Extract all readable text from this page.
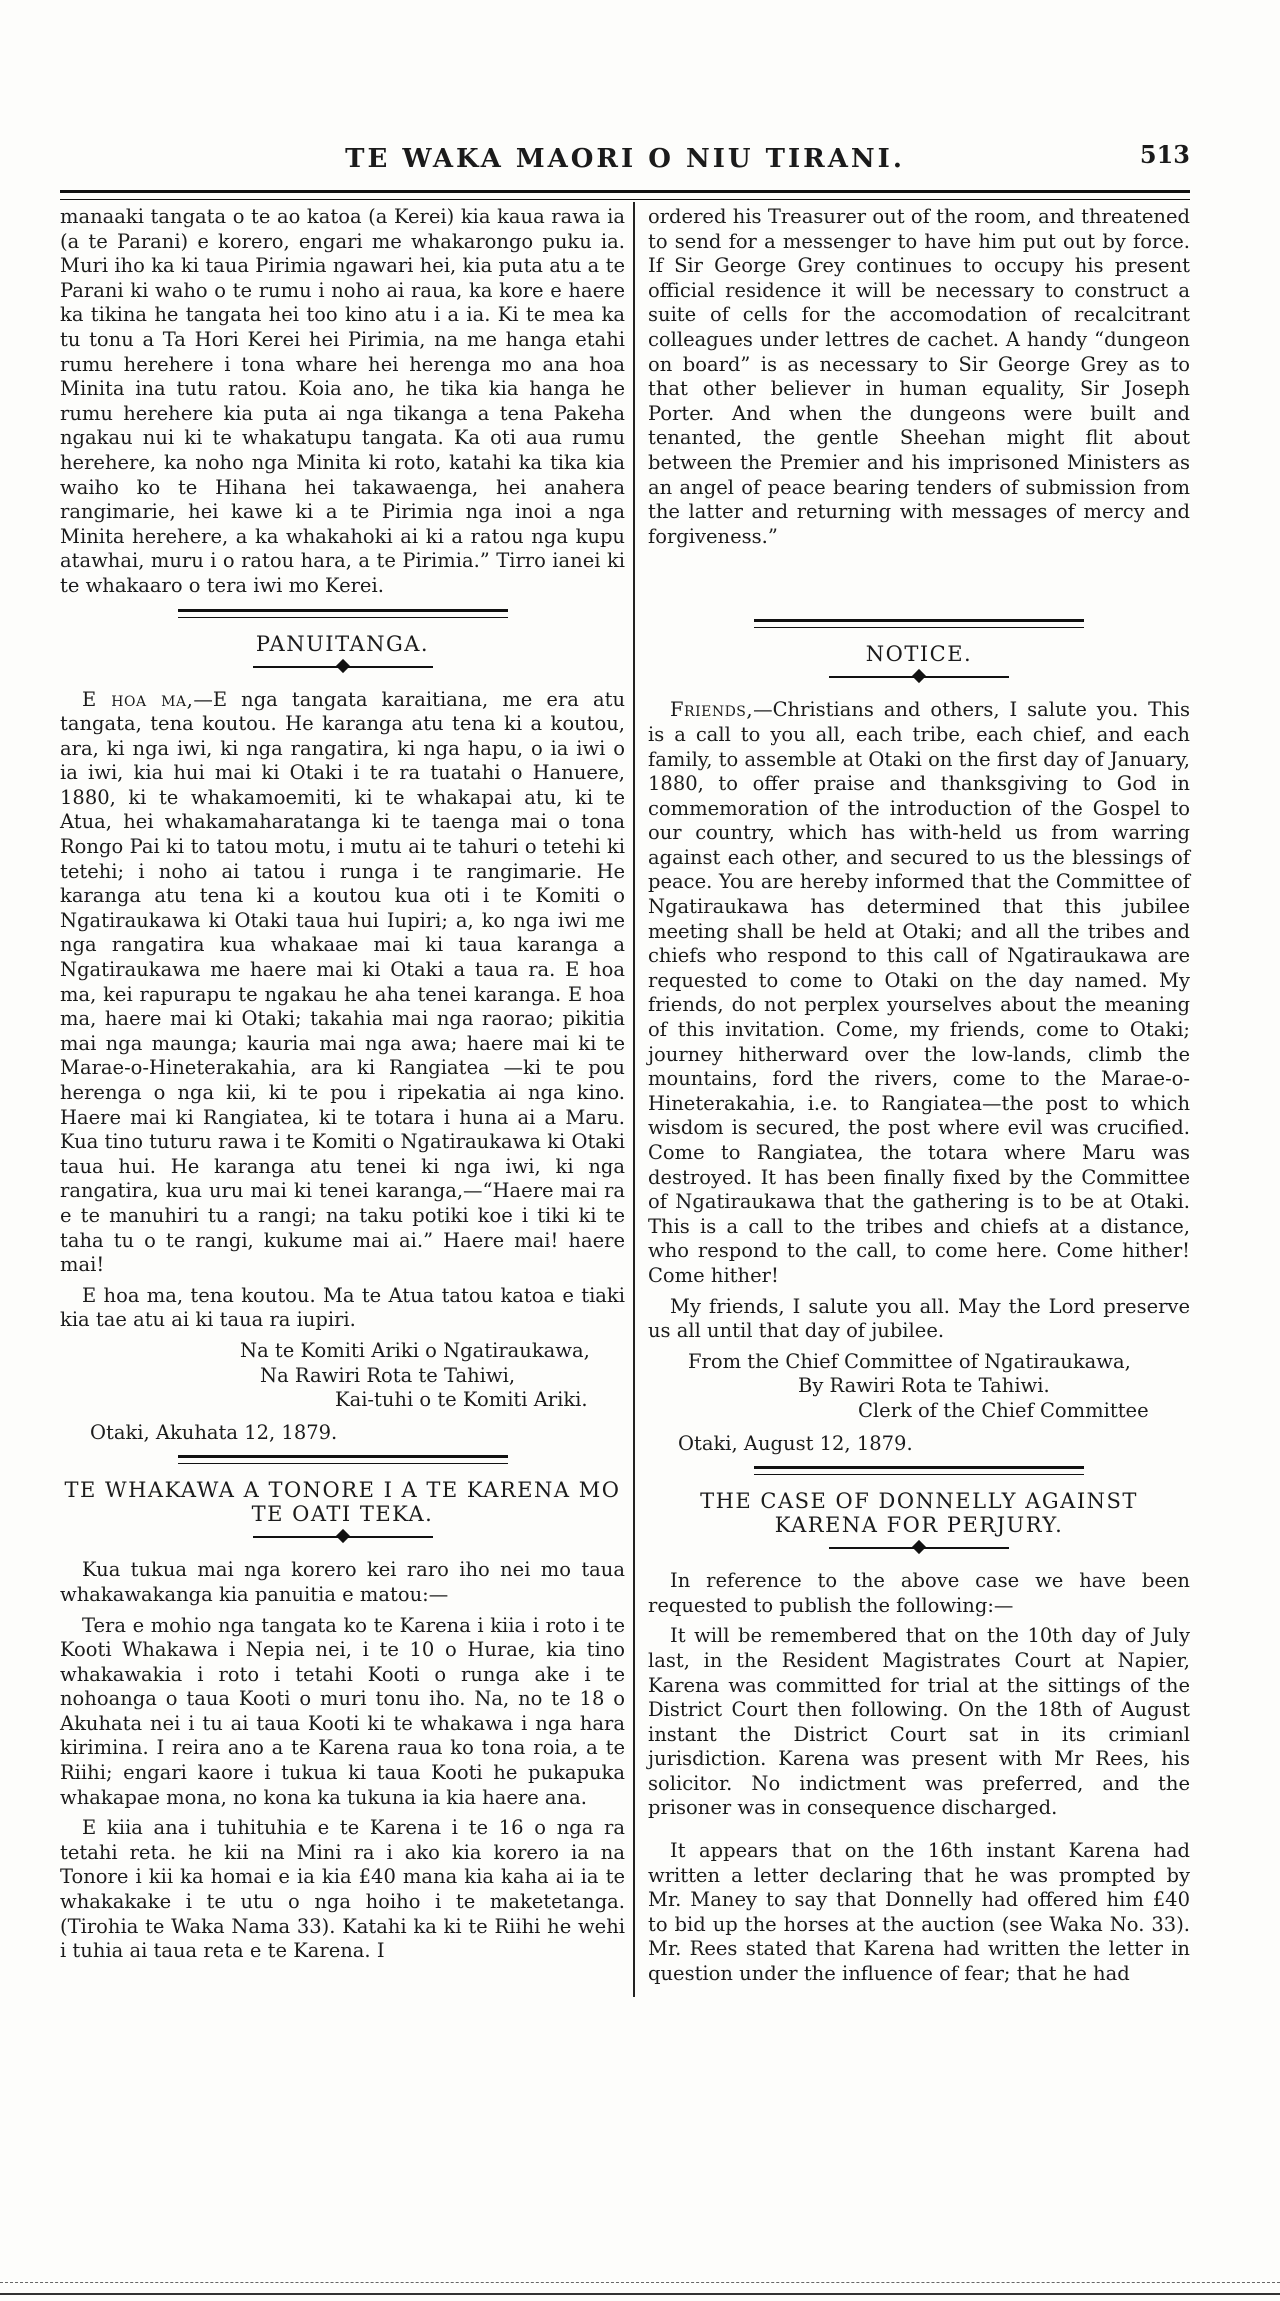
TE WAKA MAORI O NIU TIRANI.	513

manaaki tangata o te ao katoa (a Kerei) kia kaua rawa ia (a te Parani) e korero, engari me whakarongo puku ia. Muri iho ka ki taua Pirimia ngawari hei, kia puta atu a te Parani ki waho o te rumu i noho ai raua, ka kore e haere ka tikina he tangata hei too kino atu i a ia. Ki te mea ka tu tonu a Ta Hori Kerei hei Pirimia, na me hanga etahi rumu herehere i tona whare hei herenga mo ana hoa Minita ina tutu ratou. Koia ano, he tika kia hanga he rumu herehere kia puta ai nga tikanga a tena Pakeha ngakau nui ki te whakatupu tangata. Ka oti aua rumu herehere, ka noho nga Minita ki roto, katahi ka tika kia waiho ko te Hihana hei takawaenga, hei anahera rangimarie, hei kawe ki a te Pirimia nga inoi a nga Minita herehere, a ka whakahoki ai ki a ratou nga kupu atawhai, muru i o ratou hara, a te Pirimia.” Tirro ianei ki te whakaaro o tera iwi mo Kerei.

PANUITANGA.

E hoa ma,—E nga tangata karaitiana, me era atu tangata, tena koutou. He karanga atu tena ki a koutou, ara, ki nga iwi, ki nga rangatira, ki nga hapu, o ia iwi o ia iwi, kia hui mai ki Otaki i te ra tuatahi o Hanuere, 1880, ki te whakamoemiti, ki te whakapai atu, ki te Atua, hei whakamaharatanga ki te taenga mai o tona Rongo Pai ki to tatou motu, i mutu ai te tahuri o tetehi ki tetehi; i noho ai tatou i runga i te rangimarie. He karanga atu tena ki a koutou kua oti i te Komiti o Ngatiraukawa ki Otaki taua hui Iupiri; a, ko nga iwi me nga rangatira kua whakaae mai ki taua karanga a Ngatiraukawa me haere mai ki Otaki a taua ra. E hoa ma, kei rapurapu te ngakau he aha tenei karanga. E hoa ma, haere mai ki Otaki; takahia mai nga raorao; pikitia mai nga maunga; kauria mai nga awa; haere mai ki te Marae-o-Hineterakahia, ara ki Rangiatea —ki te pou herenga o nga kii, ki te pou i ripekatia ai nga kino. Haere mai ki Rangiatea, ki te totara i huna ai a Maru. Kua tino tuturu rawa i te Komiti o Ngatiraukawa ki Otaki taua hui. He karanga atu tenei ki nga iwi, ki nga rangatira, kua uru mai ki tenei karanga,—“Haere mai ra e te manuhiri tu a rangi; na taku potiki koe i tiki ki te taha tu o te rangi, kukume mai ai.” Haere mai! haere mai!

E hoa ma, tena koutou. Ma te Atua tatou katoa e tiaki kia tae atu ai ki taua ra iupiri.

Na te Komiti Ariki o Ngatiraukawa,
Na Rawiri Rota te Tahiwi,
Kai-tuhi o te Komiti Ariki.
Otaki, Akuhata 12, 1879.
TE WHAKAWA A TONORE I A TE KARENA MO TE OATI TEKA.

Kua tukua mai nga korero kei raro iho nei mo taua whakawakanga kia panuitia e matou:—

Tera e mohio nga tangata ko te Karena i kiia i roto i te Kooti Whakawa i Nepia nei, i te 10 o Hurae, kia tino whakawakia i roto i tetahi Kooti o runga ake i te nohoanga o taua Kooti o muri tonu iho. Na, no te 18 o Akuhata nei i tu ai taua Kooti ki te whakawa i nga hara kirimina. I reira ano a te Karena raua ko tona roia, a te Riihi; engari kaore i tukua ki taua Kooti he pukapuka whakapae mona, no kona ka tukuna ia kia haere ana.

E kiia ana i tuhituhia e te Karena i te 16 o nga ra tetahi reta. he kii na Mini ra i ako kia korero ia na Tonore i kii ka homai e ia kia £40 mana kia kaha ai ia te whakakake i te utu o nga hoiho i te maketetanga. (Tirohia te Waka Nama 33). Katahi ka ki te Riihi he wehi i tuhia ai taua reta e te Karena. I

ordered his Treasurer out of the room, and threatened to send for a messenger to have him put out by force. If Sir George Grey continues to occupy his present official residence it will be necessary to construct a suite of cells for the accomodation of recalcitrant colleagues under lettres de cachet. A handy “dungeon on board” is as necessary to Sir George Grey as to that other believer in human equality, Sir Joseph Porter. And when the dungeons were built and tenanted, the gentle Sheehan might flit about between the Premier and his imprisoned Ministers as an angel of peace bearing tenders of submission from the latter and returning with messages of mercy and forgiveness.”

NOTICE.

Friends,—Christians and others, I salute you. This is a call to you all, each tribe, each chief, and each family, to assemble at Otaki on the first day of January, 1880, to offer praise and thanksgiving to God in commemoration of the introduction of the Gospel to our country, which has with-held us from warring against each other, and secured to us the blessings of peace. You are hereby informed that the Committee of Ngatiraukawa has determined that this jubilee meeting shall be held at Otaki; and all the tribes and chiefs who respond to this call of Ngatiraukawa are requested to come to Otaki on the day named. My friends, do not perplex yourselves about the meaning of this invitation. Come, my friends, come to Otaki; journey hitherward over the low-lands, climb the mountains, ford the rivers, come to the Marae-o-Hineterakahia, i.e. to Rangiatea—the post to which wisdom is secured, the post where evil was crucified. Come to Rangiatea, the totara where Maru was destroyed. It has been finally fixed by the Committee of Ngatiraukawa that the gathering is to be at Otaki. This is a call to the tribes and chiefs at a distance, who respond to the call, to come here. Come hither! Come hither!

My friends, I salute you all. May the Lord preserve us all until that day of jubilee.

From the Chief Committee of Ngatiraukawa,
By Rawiri Rota te Tahiwi.
Clerk of the Chief Committee
Otaki, August 12, 1879.
THE CASE OF DONNELLY AGAINST KARENA FOR PERJURY.

In reference to the above case we have been requested to publish the following:—

It will be remembered that on the 10th day of July last, in the Resident Magistrates Court at Napier, Karena was committed for trial at the sittings of the District Court then following. On the 18th of August instant the District Court sat in its crimianl jurisdiction. Karena was present with Mr Rees, his solicitor. No indictment was preferred, and the prisoner was in consequence discharged.

It appears that on the 16th instant Karena had written a letter declaring that he was prompted by Mr. Maney to say that Donnelly had offered him £40 to bid up the horses at the auction (see Waka No. 33). Mr. Rees stated that Karena had written the letter in question under the influence of fear; that he had
